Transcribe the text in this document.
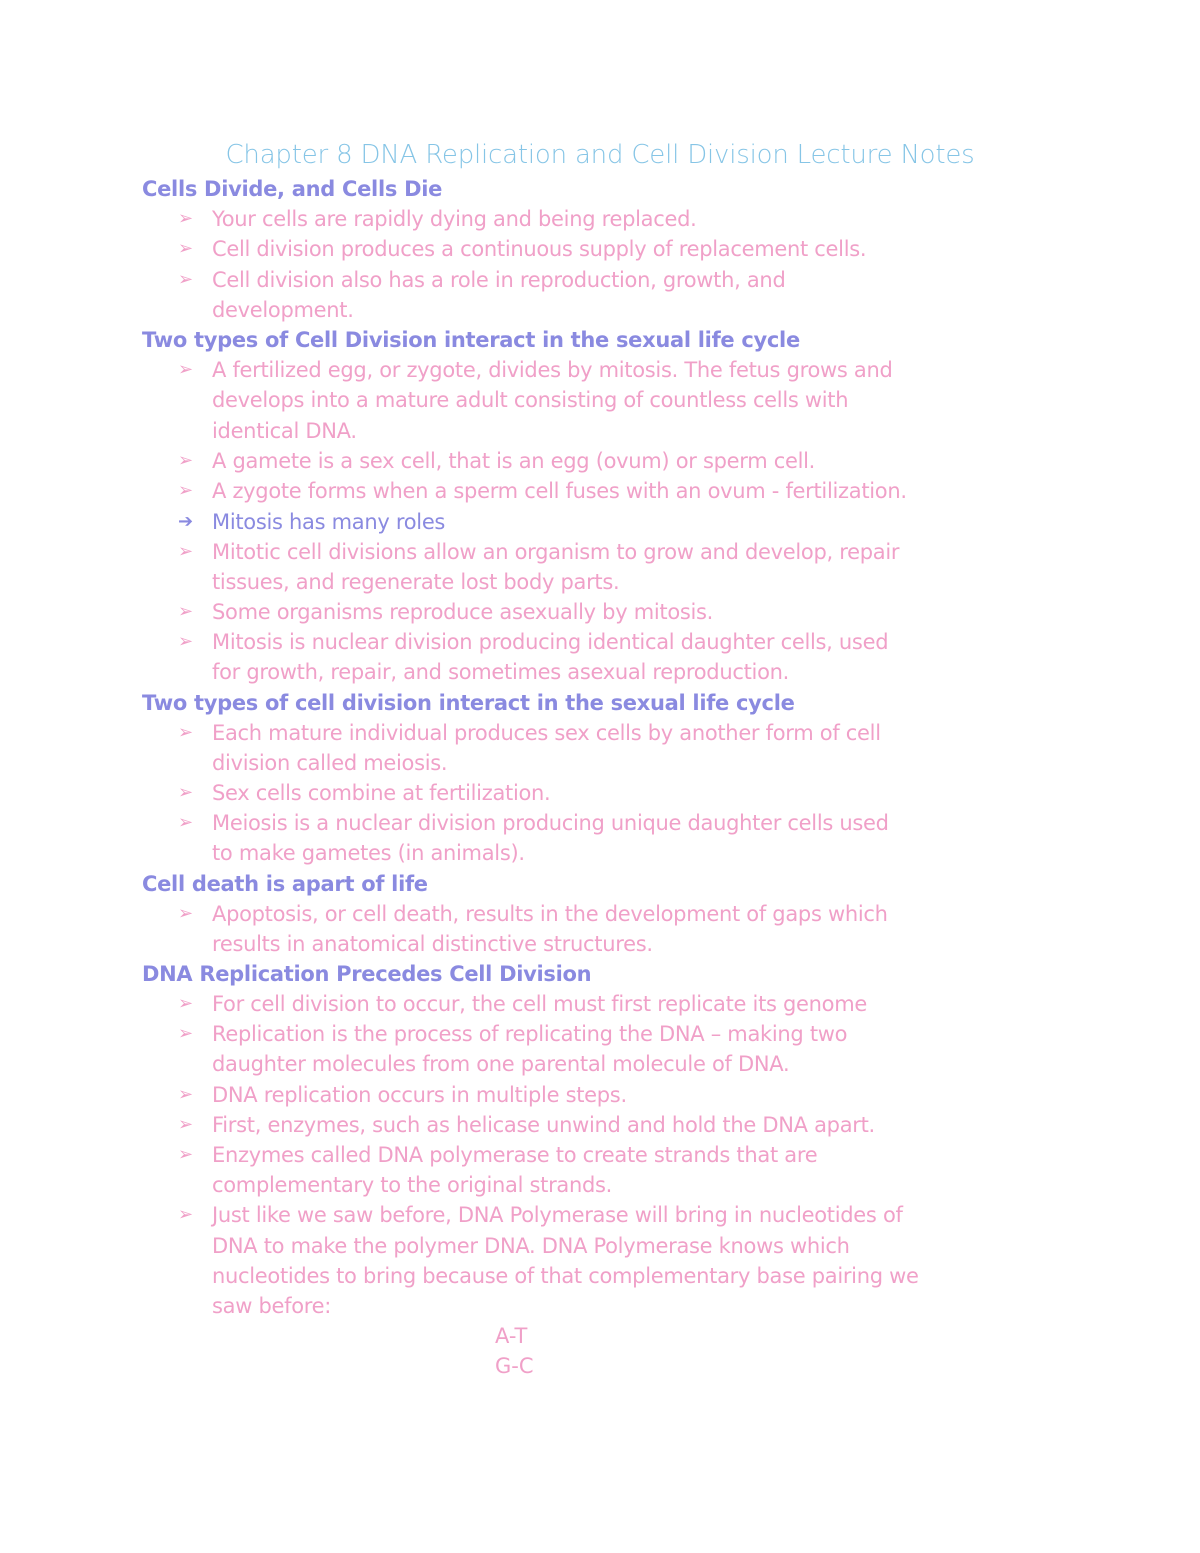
Chapter 8 DNA Replication and Cell Division Lecture Notes
Cells Divide, and Cells Die
➢ Your cells are rapidly dying and being replaced.
➢ Cell division produces a continuous supply of replacement cells.
➢ Cell division also has a role in reproduction, growth, and
development.
Two types of Cell Division interact in the sexual life cycle
➢ A fertilized egg, or zygote, divides by mitosis. The fetus grows and
develops into a mature adult consisting of countless cells with
identical DNA.
➢ A gamete is a sex cell, that is an egg (ovum) or sperm cell.
➢ A zygote forms when a sperm cell fuses with an ovum - fertilization.
➔ Mitosis has many roles
➢ Mitotic cell divisions allow an organism to grow and develop, repair
tissues, and regenerate lost body parts.
➢ Some organisms reproduce asexually by mitosis.
➢ Mitosis is nuclear division producing identical daughter cells, used
for growth, repair, and sometimes asexual reproduction.
Two types of cell division interact in the sexual life cycle
➢ Each mature individual produces sex cells by another form of cell
division called meiosis.
➢ Sex cells combine at fertilization.
➢ Meiosis is a nuclear division producing unique daughter cells used
to make gametes (in animals).
Cell death is apart of life
➢ Apoptosis, or cell death, results in the development of gaps which
results in anatomical distinctive structures.
DNA Replication Precedes Cell Division
➢ For cell division to occur, the cell must first replicate its genome
➢ Replication is the process of replicating the DNA – making two
daughter molecules from one parental molecule of DNA.
➢ DNA replication occurs in multiple steps.
➢ First, enzymes, such as helicase unwind and hold the DNA apart.
➢ Enzymes called DNA polymerase to create strands that are
complementary to the original strands.
➢ Just like we saw before, DNA Polymerase will bring in nucleotides of
DNA to make the polymer DNA. DNA Polymerase knows which
nucleotides to bring because of that complementary base pairing we
saw before:
A-T
G-C
